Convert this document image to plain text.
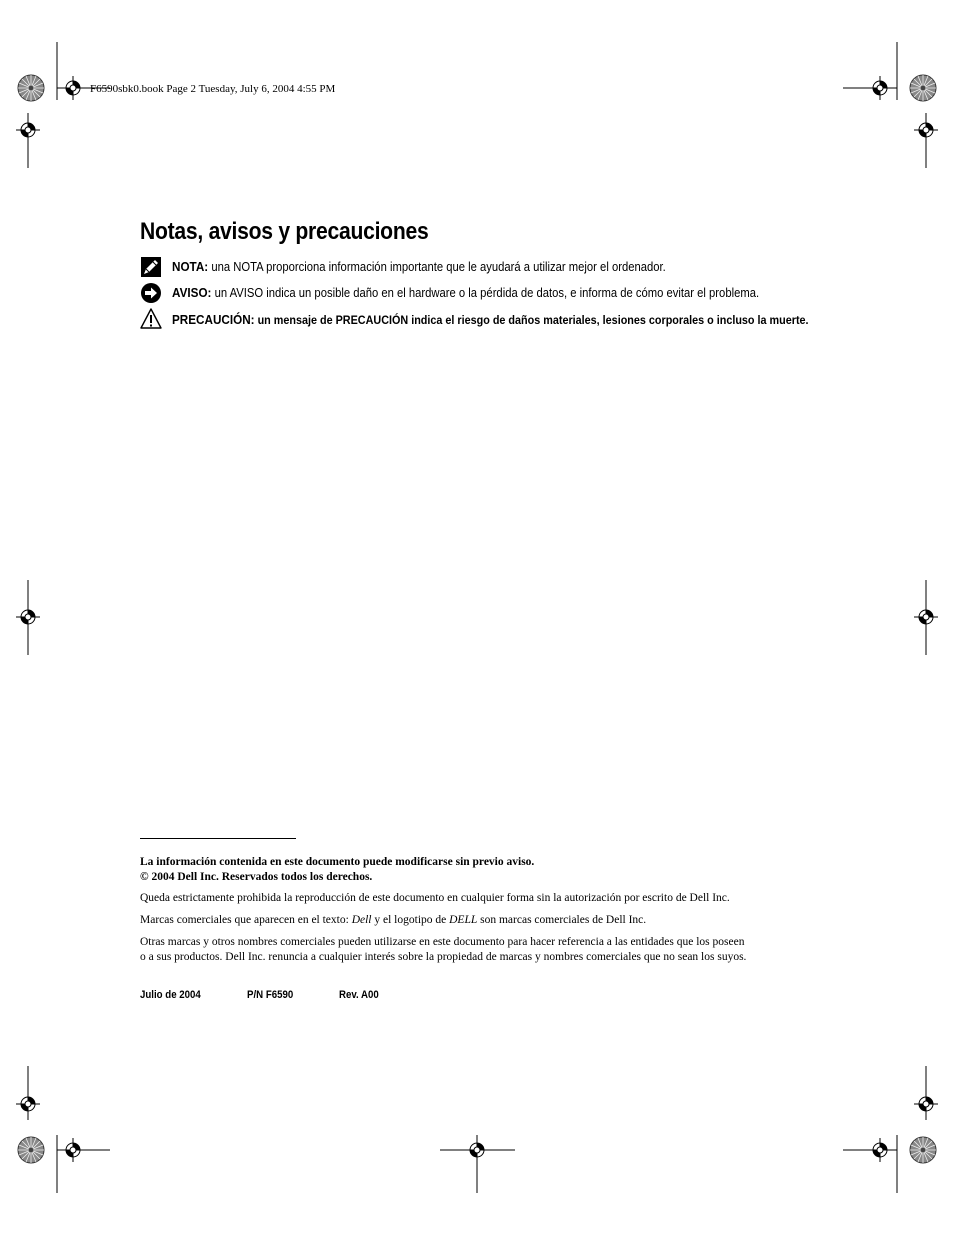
F6590sbk0.book Page 2 Tuesday, July 6, 2004 4:55 PM
Notas, avisos y precauciones
NOTA: una NOTA proporciona información importante que le ayudará a utilizar mejor el ordenador.
AVISO: un AVISO indica un posible daño en el hardware o la pérdida de datos, e informa de cómo evitar el problema.
PRECAUCIÓN: un mensaje de PRECAUCIÓN indica el riesgo de daños materiales, lesiones corporales o incluso la muerte.
La información contenida en este documento puede modificarse sin previo aviso.
© 2004 Dell Inc. Reservados todos los derechos.
Queda estrictamente prohibida la reproducción de este documento en cualquier forma sin la autorización por escrito de Dell Inc.
Marcas comerciales que aparecen en el texto: Dell y el logotipo de DELL son marcas comerciales de Dell Inc.
Otras marcas y otros nombres comerciales pueden utilizarse en este documento para hacer referencia a las entidades que los poseen
o a sus productos. Dell Inc. renuncia a cualquier interés sobre la propiedad de marcas y nombres comerciales que no sean los suyos.
Julio de 2004	P/N F6590	Rev. A00
